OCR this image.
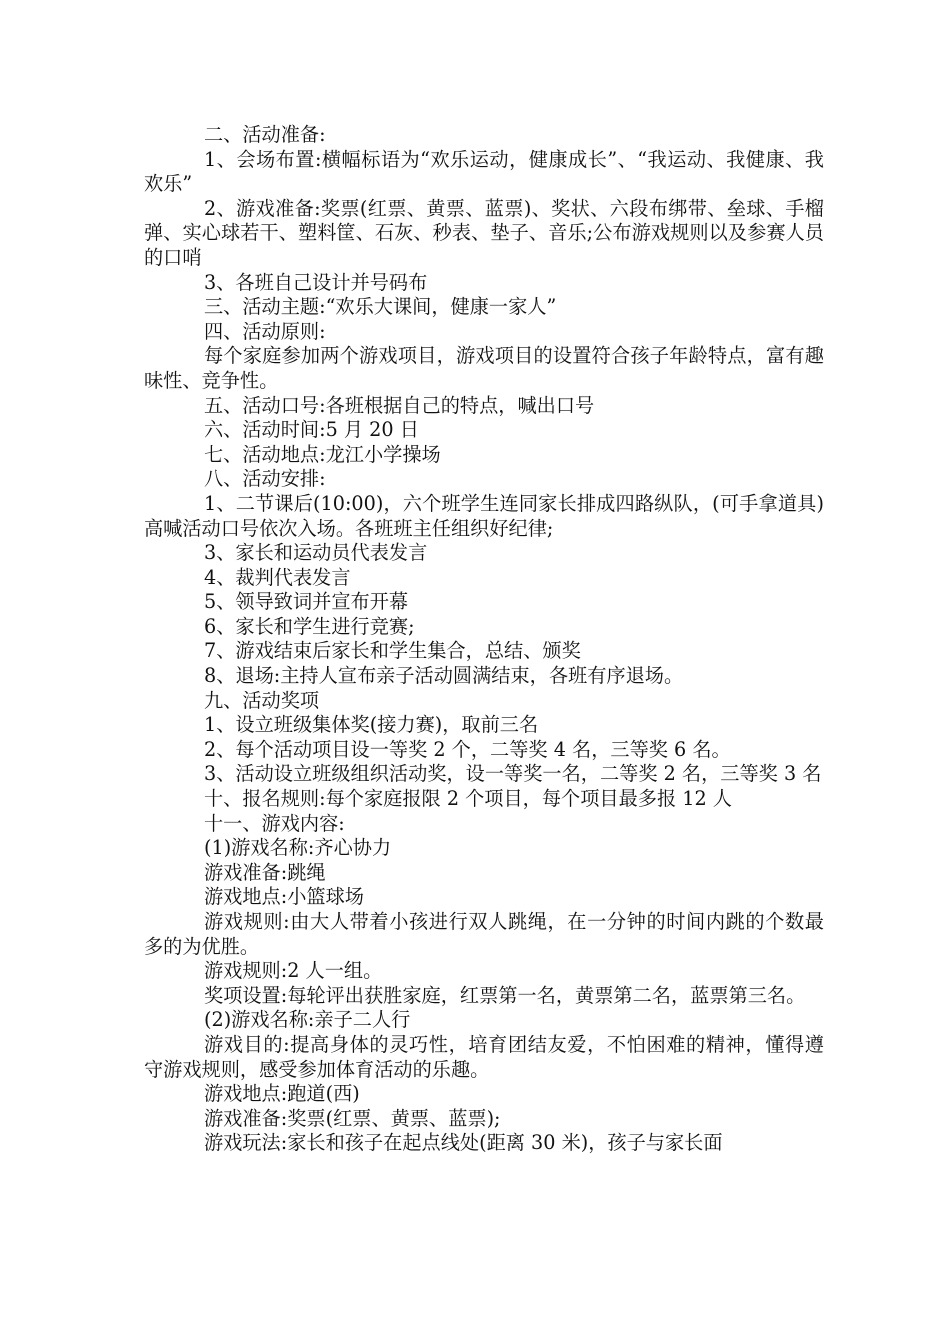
二、活动准备:

1、会场布置:横幅标语为“欢乐运动，健康成长”、“我运动、我健康、我欢乐”

2、游戏准备:奖票(红票、黄票、蓝票)、奖状、六段布绑带、垒球、手榴弹、实心球若干、塑料筐、石灰、秒表、垫子、音乐;公布游戏规则以及参赛人员的口哨

3、各班自己设计并号码布

三、活动主题:“欢乐大课间，健康一家人”

四、活动原则:

每个家庭参加两个游戏项目，游戏项目的设置符合孩子年龄特点，富有趣味性、竞争性。

五、活动口号:各班根据自己的特点，喊出口号

六、活动时间:5 月 20 日

七、活动地点:龙江小学操场

八、活动安排:

1、二节课后(10:00)，六个班学生连同家长排成四路纵队，(可手拿道具)高喊活动口号依次入场。各班班主任组织好纪律;

3、家长和运动员代表发言

4、裁判代表发言

5、领导致词并宣布开幕

6、家长和学生进行竞赛;

7、游戏结束后家长和学生集合，总结、颁奖

8、退场:主持人宣布亲子活动圆满结束，各班有序退场。

九、活动奖项

1、设立班级集体奖(接力赛)，取前三名

2、每个活动项目设一等奖 2 个，二等奖 4 名，三等奖 6 名。

3、活动设立班级组织活动奖，设一等奖一名，二等奖 2 名，三等奖 3 名

十、报名规则:每个家庭报限 2 个项目，每个项目最多报 12 人

十一、游戏内容:

(1)游戏名称:齐心协力

游戏准备:跳绳

游戏地点:小篮球场

游戏规则:由大人带着小孩进行双人跳绳，在一分钟的时间内跳的个数最多的为优胜。

游戏规则:2 人一组。

奖项设置:每轮评出获胜家庭，红票第一名，黄票第二名，蓝票第三名。

(2)游戏名称:亲子二人行

游戏目的:提高身体的灵巧性，培育团结友爱，不怕困难的精神，懂得遵守游戏规则，感受参加体育活动的乐趣。

游戏地点:跑道(西)

游戏准备:奖票(红票、黄票、蓝票);

游戏玩法:家长和孩子在起点线处(距离 30 米)，孩子与家长面
